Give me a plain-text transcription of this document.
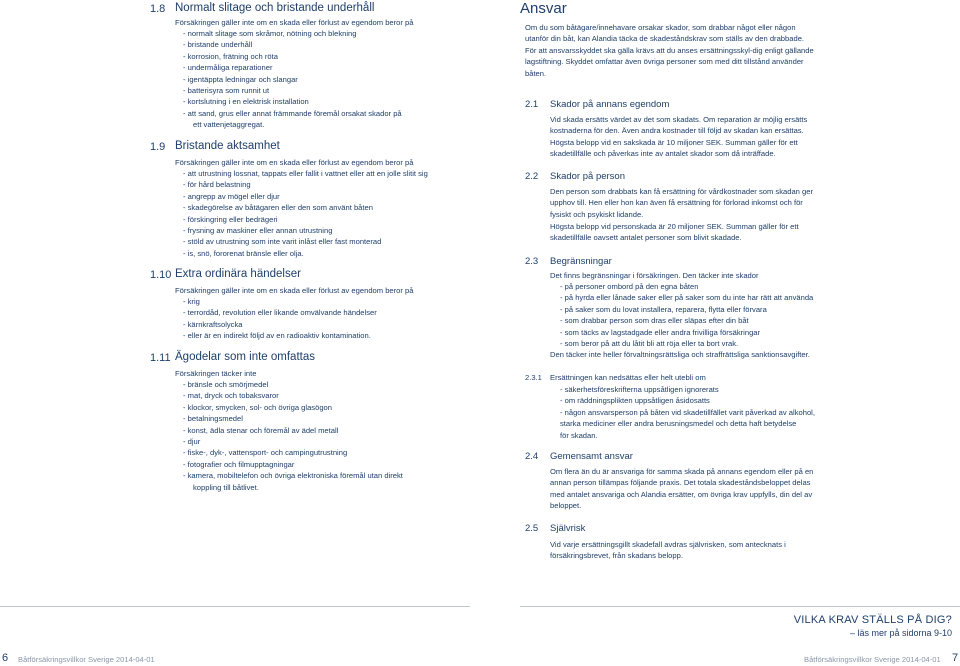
1.8 Normalt slitage och bristande underhåll
Försäkringen gäller inte om en skada eller förlust av egendom beror på
- normalt slitage som skråmor, nötning och blekning
- bristande underhåll
- korrosion, frätning och röta
- undermåliga reparationer
- igentäppta ledningar och slangar
- batterisyra som runnit ut
- kortslutning i en elektrisk installation
- att sand, grus eller annat främmande föremål orsakat skador på
ett vattenjetaggregat.
1.9 Bristande aktsamhet
Försäkringen gäller inte om en skada eller förlust av egendom beror på
- att utrustning lossnat, tappats eller fallit i vattnet eller att en jolle slitit sig
- för hård belastning
- angrepp av mögel eller djur
- skadegörelse av båtägaren eller den som använt båten
- förskingring eller bedrägeri
- frysning av maskiner eller annan utrustning
- stöld av utrustning som inte varit inlåst eller fast monterad
- is, snö, fororenat bränsle eller olja.
1.10 Extra ordinära händelser
Försäkringen gäller inte om en skada eller förlust av egendom beror på
- krig
- terrordåd, revolution eller likande omvälvande händelser
- kärnkraftsolycka
- eller är en indirekt följd av en radioaktiv kontamination.
1.11 Ägodelar som inte omfattas
Försäkringen täcker inte
- bränsle och smörjmedel
- mat, dryck och tobaksvaror
- klockor, smycken, sol- och övriga glasögon
- betalningsmedel
- konst, ädla stenar och föremål av ädel metall
- djur
- fiske-, dyk-, vattensport- och campingutrustning
- fotografier och filmupptagningar
- kamera, mobiltelefon och övriga elektroniska föremål utan direkt
koppling till båtlivet.
Ansvar
Om du som båtägare/innehavare orsakar skador, som drabbar något eller någon utanför din båt, kan Alandia täcka de skadeståndskrav som ställs av den drabbade. För att ansvarsskyddet ska gälla krävs att du anses ersättningsskyl-dig enligt gällande lagstiftning. Skyddet omfattar även övriga personer som med ditt tillstånd använder båten.
2.1 Skador på annans egendom
Vid skada ersätts värdet av det som skadats. Om reparation är möjlig ersätts kostnaderna för den. Även andra kostnader till följd av skadan kan ersättas. Högsta belopp vid en sakskada är 10 miljoner SEK. Summan gäller för ett skadetillfälle och påverkas inte av antalet skador som då inträffade.
2.2 Skador på person
Den person som drabbats kan få ersättning för vårdkostnader som skadan ger upphov till. Hen eller hon kan även få ersättning för förlorad inkomst och för fysiskt och psykiskt lidande.
Högsta belopp vid personskada är 20 miljoner SEK. Summan gäller för ett skadetillfälle oavsett antalet personer som blivit skadade.
2.3 Begränsningar
Det finns begränsningar i försäkringen. Den täcker inte skador
- på personer ombord på den egna båten
- på hyrda eller lånade saker eller på saker som du inte har rätt att använda
- på saker som du lovat installera, reparera, flytta eller förvara
- som drabbar person som dras eller släpas efter din båt
- som täcks av lagstadgade eller andra frivilliga försäkringar
- som beror på att du låtit bli att röja eller ta bort vrak.
Den täcker inte heller förvaltningsrättsliga och straffrättsliga sanktionsavgifter.
2.3.1 Ersättningen kan nedsättas eller helt utebli om
- säkerhetsföreskrifterna uppsåtligen ignorerats
- om räddningsplikten uppsåtligen åsidosatts
- någon ansvarsperson på båten vid skadetillfället varit påverkad av alkohol,
starka mediciner eller andra berusningsmedel och detta haft betydelse
för skadan.
2.4 Gemensamt ansvar
Om flera än du är ansvariga för samma skada på annans egendom eller på en annan person tillämpas följande praxis. Det totala skadeståndsbeloppet delas med antalet ansvariga och Alandia ersätter, om övriga krav uppfylls, din del av beloppet.
2.5 Självrisk
Vid varje ersättningsgillt skadefall avdras självrisken, som antecknats i försäkringsbrevet, från skadans belopp.
VILKA KRAV STÄLLS PÅ DIG?
– läs mer på sidorna 9-10
6 Båtförsäkringsvillkor Sverige 2014-04-01	Båtförsäkringsvillkor Sverige 2014-04-01 7
